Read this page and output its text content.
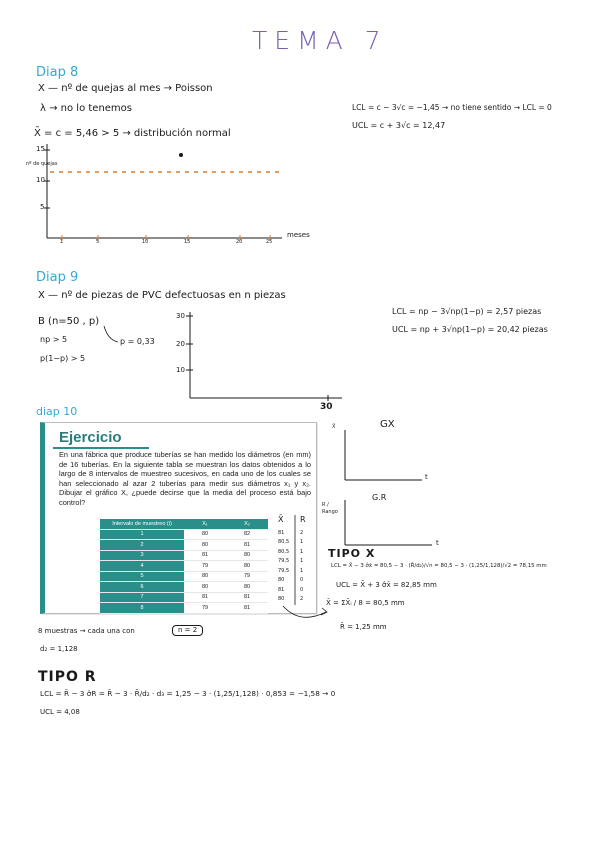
TEMA 7
Diap 8
X — nº de quejas al mes → Poisson
λ → no lo tenemos
X̄ = c = 5,46 > 5 → distribución normal
LCL = c − 3√c = −1,45 → no tiene sentido → LCL = 0
UCL = c + 3√c = 12,47
15
10
5
nº de quejas
1	5	10	15	20	25
meses
Diap 9
X — nº de piezas de PVC defectuosas en n piezas
B (n=50 , p)
np > 5	p = 0,33
p(1−p) > 5
LCL = np − 3√np(1−p) = 2,57 piezas
UCL = np + 3√np(1−p) = 20,42 piezas
30
20
10
30
diap 10
Ejercicio
En una fábrica que produce tuberías se han medido los diámetros (en mm) de 16 tuberías. En la siguiente tabla se muestran los datos obtenidos a lo largo de 8 intervalos de muestreo sucesivos, en cada uno de los cuales se han seleccionado al azar 2 tuberías para medir sus diámetros x₁ y x₂. Dibujar el gráfico X, ¿puede decirse que la media del proceso está bajo control?
Intervalo de muestreo (i)	X₁	X₂
1	80	82
2	80	81
3	81	80
4	79	80
5	80	79
6	80	80
7	81	81
8	79	81
X̄ R
81	2
80,5 1
80,5 1
79,5 1
79,5 1
80	0
81	0
80	2
X̄	GX
t
R / Rango
G.R
t
TIPO X
LCL = X̄ − 3 σ̂x̄ = 80,5 − 3 · (R̄/d₂)/√n = 80,5 − 3 · (1,25/1,128)/√2 = 78,15 mm
UCL = X̄ + 3 σ̂x̄ = 82,85 mm
X̄ = ΣX̄ᵢ / 8 = 80,5 mm
R̄ = 1,25 mm
8 muestras → cada una con	n = 2
d₂ = 1,128
TIPO R
LCL = R̄ − 3 σ̂R = R̄ − 3 · R̄/d₂ · d₃ = 1,25 − 3 · (1,25/1,128) · 0,853 = −1,58 → 0
UCL = 4,08
